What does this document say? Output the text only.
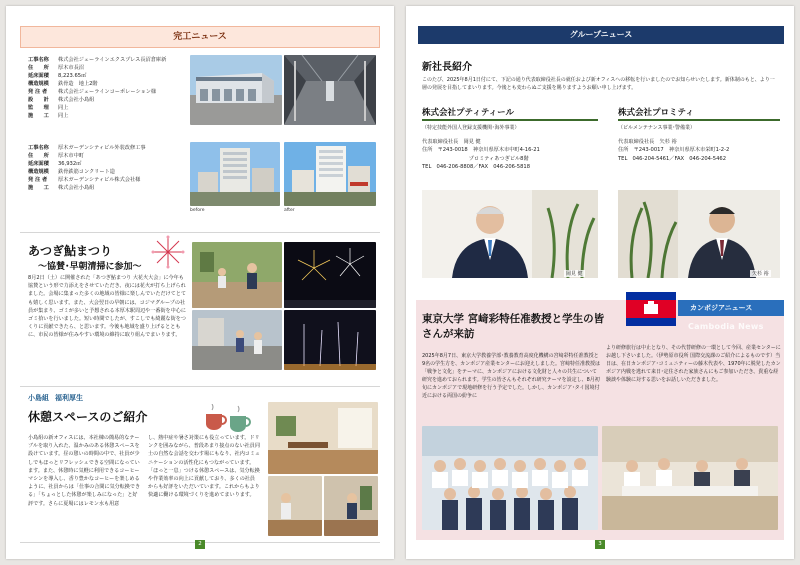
完工ニュース
工事名称	株式会社ジェーラインエクスプレス長沼倉庫新
住　　所	厚木市長沼
延床面積	8,223.65㎡
構造規模	鉄骨造　地上2階
発 注 者	株式会社ジェーラインコーポレーション様
設　　計	株式会社小島組
監　　理	同上
施　　工	同上
工事名称	厚木ガーデンシティビル外装改修工事
住　　所	厚木市中町
延床面積	36,932㎡
構造規模	鉄骨鉄筋コンクリート造
発 注 者	厚木ガーデンシティビル株式会社様
施　　工	株式会社小島組
before	after
あつぎ鮎まつり
～協賛･早朝清掃に参加～
8月2日（土）に開催された「あつぎ鮎まつり 大花火大会」に今年も協賛という形で力添えをさせていただき、夜には花火が打ち上げられました。会場に集まった多くの地域の皆様に楽しんでいただけてとても嬉しく思います。また、大会翌日の早朝には、コジマグループの社員が集まり、ゴミが多いと予想される本厚木駅周辺や一番街を中心にゴミ拾いを行いました。短い時間でしたが、すこしでも綺麗な街をつくりに貢献できたら、と思います。今後も地域を盛り上げるとともに、市民の皆様が住みやすい環境の維持に取り組んでまいります。
小島組 福利厚生
休憩スペースのご紹介
小島組の新オフィスには、本社棟の簡易的なテーブルを取り入れた、温かみのある休憩スペースを設けています。昼の憩いの時間の中で、社員が少しでもほっとリフレッシュできる空間になっています。また、休憩時に気軽に利用できるコーヒーマシンを導入し、香り豊かなコーヒーを楽しめるように、社員からは「仕事の合間に気分転換できる」「ちょっとした休憩が楽しみになった」と好評です。さらに夏場にはレモン水も用意
し、熱中症や暑さ対策にも役立っています。ドリンクを囲みながら、普段あまり接点のない社員同士の自然な会話を交わす場にもなり、社内コミュニケーションの活性化にもつながっています。「ほっと一息」つける休憩スペースは、気分転換や作業効率の向上に貢献しており、多くの社員からも好評をいただいています。これからもより快適に働ける環境づくりを進めてまいります。
2
グループニュース
新社長紹介
このたび、2025年8月1日付にて、下記の通り代表取締役社長の就任および新オフィスへの移転を行いましたのでお知らせいたします。新体制のもと、より一層の発展を目指してまいります。今後とも変わらぬご支援を賜りますようお願い申し上げます。
株式会社プティティール
（特定技能外国人登録支援機関･海外事業）
代表取締役社長　岡見 健
住所　〒243-0018　神奈川県厚木市中町4-16-21
　　　　　　　　　プロミティあつぎビル8階
TEL　046-206-8808／FAX　046-206-5818
岡見 健
株式会社プロミティ
（ビルメンテナンス事業･警備業）
代表取締役社長　矢杉 裕
住所　〒243-0017　神奈川県厚木市栄町1-2-2
TEL　046-204-5461／FAX　046-204-5462
矢杉 裕
カンボジアニュース
Cambodia News
東京大学 宮﨑彩特任准教授と学生の皆さんが来訪
2025年8月7日、東京大学教養学部･教養教育高度化機構の宮﨑彩特任准教授と9名の学生方を、カンボジア産業センターにお迎えしました。宮﨑特任准教授は「戦争と文化」をテーマに、カンボジアにおける文化財と人々の共生について研究を進めておられます。学生の皆さんもそれぞれ研究テーマを設定し、8月初旬にカンボジアで現地研修を行う予定でした。しかし、カンボジア･タイ国境付近における両国の紛争に
より研修旅行は中止となり、その代替研修の一環として今回、産業センターにお越し下さいました。（伊勢原市役所 国際交流課のご紹介によるものです）当日は、在日カンボジア･コミュニティーの藤木代表や、1970年に脱発したカンボジア内戦を逃れて来日･定住された家族さんにもご参加いただき、貴重な経験談や体験に対する思いをお話しいただきました。
3
